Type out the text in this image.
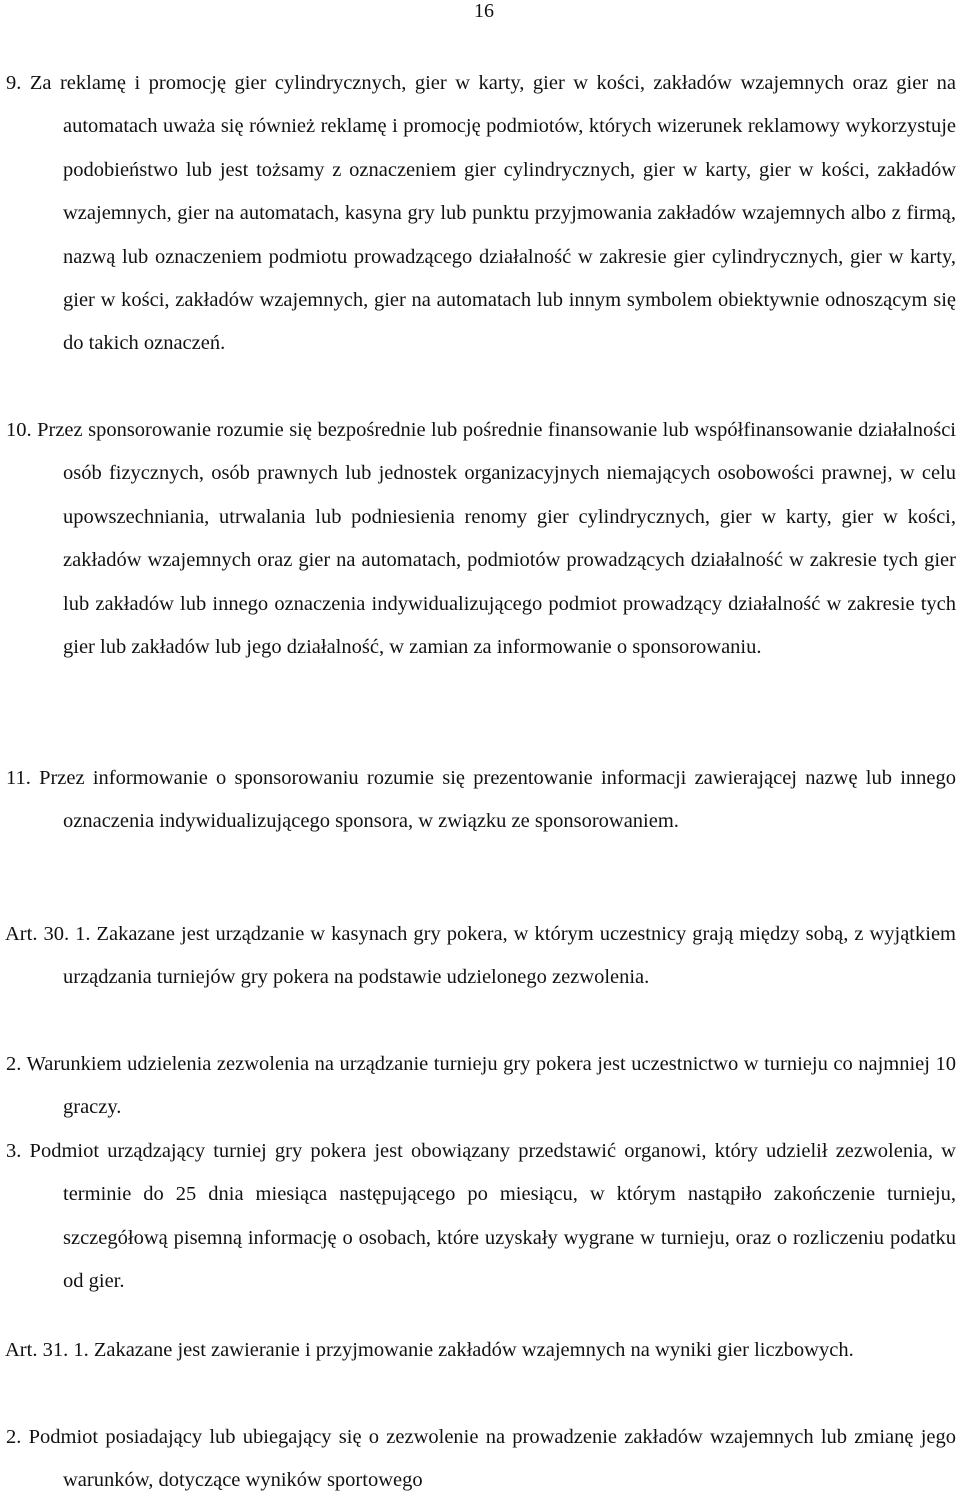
16

9. Za reklamę i promocję gier cylindrycznych, gier w karty, gier w kości, zakładów wzajemnych oraz gier na automatach uważa się również reklamę i promocję podmiotów, których wizerunek reklamowy wykorzystuje podobieństwo lub jest tożsamy z oznaczeniem gier cylindrycznych, gier w karty, gier w kości, zakładów wzajemnych, gier na automatach, kasyna gry lub punktu przyjmowania zakładów wzajemnych albo z firmą, nazwą lub oznaczeniem podmiotu prowadzącego działalność w zakresie gier cylindrycznych, gier w karty, gier w kości, zakładów wzajemnych, gier na automatach lub innym symbolem obiektywnie odnoszącym się do takich oznaczeń.

10. Przez sponsorowanie rozumie się bezpośrednie lub pośrednie finansowanie lub współfinansowanie działalności osób fizycznych, osób prawnych lub jednostek organizacyjnych niemających osobowości prawnej, w celu upowszechniania, utrwalania lub podniesienia renomy gier cylindrycznych, gier w karty, gier w kości, zakładów wzajemnych oraz gier na automatach, podmiotów prowadzących działalność w zakresie tych gier lub zakładów lub innego oznaczenia indywidualizującego podmiot prowadzący działalność w zakresie tych gier lub zakładów lub jego działalność, w zamian za informowanie o sponsorowaniu.

11. Przez informowanie o sponsorowaniu rozumie się prezentowanie informacji zawierającej nazwę lub innego oznaczenia indywidualizującego sponsora, w związku ze sponsorowaniem.

Art. 30. 1. Zakazane jest urządzanie w kasynach gry pokera, w którym uczestnicy grają między sobą, z wyjątkiem urządzania turniejów gry pokera na podstawie udzielonego zezwolenia.

2. Warunkiem udzielenia zezwolenia na urządzanie turnieju gry pokera jest uczestnictwo w turnieju co najmniej 10 graczy.

3. Podmiot urządzający turniej gry pokera jest obowiązany przedstawić organowi, który udzielił zezwolenia, w terminie do 25 dnia miesiąca następującego po miesiącu, w którym nastąpiło zakończenie turnieju, szczegółową pisemną informację o osobach, które uzyskały wygrane w turnieju, oraz o rozliczeniu podatku od gier.

Art. 31. 1. Zakazane jest zawieranie i przyjmowanie zakładów wzajemnych na wyniki gier liczbowych.

2. Podmiot posiadający lub ubiegający się o zezwolenie na prowadzenie zakładów wzajemnych lub zmianę jego warunków, dotyczące wyników sportowego
